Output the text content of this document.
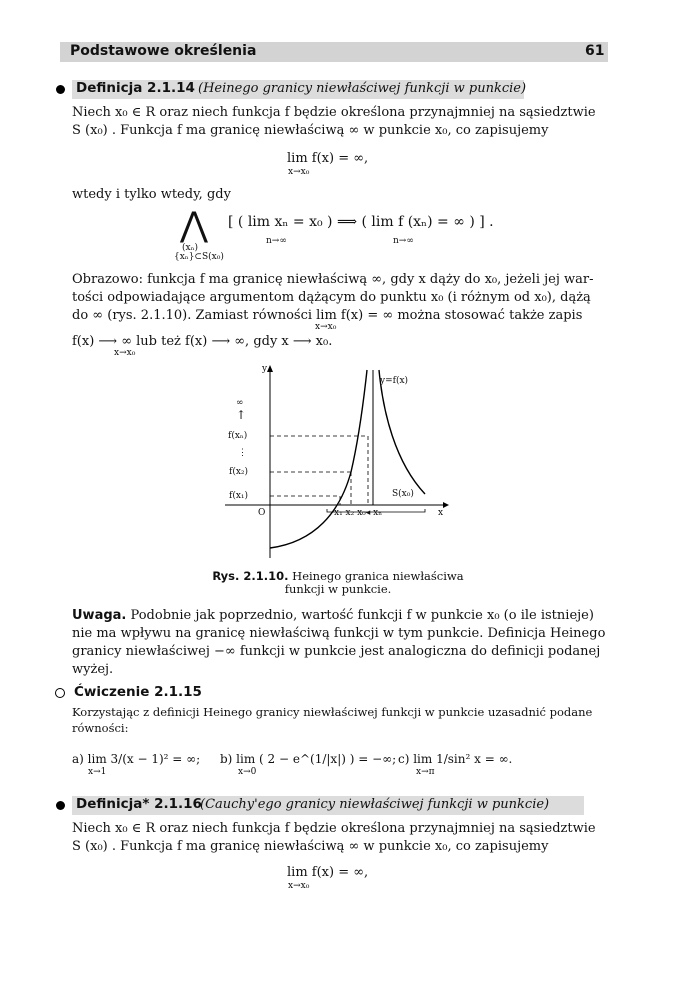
Podstawowe określenia	61
Definicja 2.1.14 (Heinego granicy niewłaściwej funkcji w punkcie)
Niech x₀ ∈ R oraz niech funkcja f będzie określona przynajmniej na sąsiedztwie
S (x₀) . Funkcja f ma granicę niewłaściwą ∞ w punkcie x₀, co zapisujemy
lim f(x) = ∞,
x→x₀
wtedy i tylko wtedy, gdy
⋀
(xₙ)
{xₙ}⊂S(x₀)
[ ( lim xₙ = x₀ ) ⟹ ( lim f (xₙ) = ∞ ) ] .
n→∞	n→∞
Obrazowo: funkcja f ma granicę niewłaściwą ∞, gdy x dąży do x₀, jeżeli jej war-
tości odpowiadające argumentom dążącym do punktu x₀ (i różnym od x₀), dążą
do ∞ (rys. 2.1.10). Zamiast równości lim f(x) = ∞ można stosować także zapis
x→x₀
f(x) ⟶ ∞ lub też f(x) ⟶ ∞, gdy x ⟶ x₀.
x→x₀
y
x
O
y=f(x)
∞
↑
f(xₙ)
⋮
f(x₂)
f(x₁)
x₁ x₂ x₀◂ xₙ
S(x₀)
Rys. 2.1.10. Heinego granica niewłaściwa
funkcji w punkcie.
Uwaga. Podobnie jak poprzednio, wartość funkcji f w punkcie x₀ (o ile istnieje)
nie ma wpływu na granicę niewłaściwą funkcji w tym punkcie. Definicja Heinego
granicy niewłaściwej −∞ funkcji w punkcie jest analogiczna do definicji podanej
wyżej.
Ćwiczenie 2.1.15
Korzystając z definicji Heinego granicy niewłaściwej funkcji w punkcie uzasadnić podane
równości:
a) lim 3/(x − 1)² = ∞;
x→1
b) lim ( 2 − e^(1/|x|) ) = −∞;
x→0
c) lim 1/sin² x = ∞.
x→π
Definicja* 2.1.16
(Cauchy'ego granicy niewłaściwej funkcji w punkcie)
Niech x₀ ∈ R oraz niech funkcja f będzie określona przynajmniej na sąsiedztwie
S (x₀) . Funkcja f ma granicę niewłaściwą ∞ w punkcie x₀, co zapisujemy
lim f(x) = ∞,
x→x₀
